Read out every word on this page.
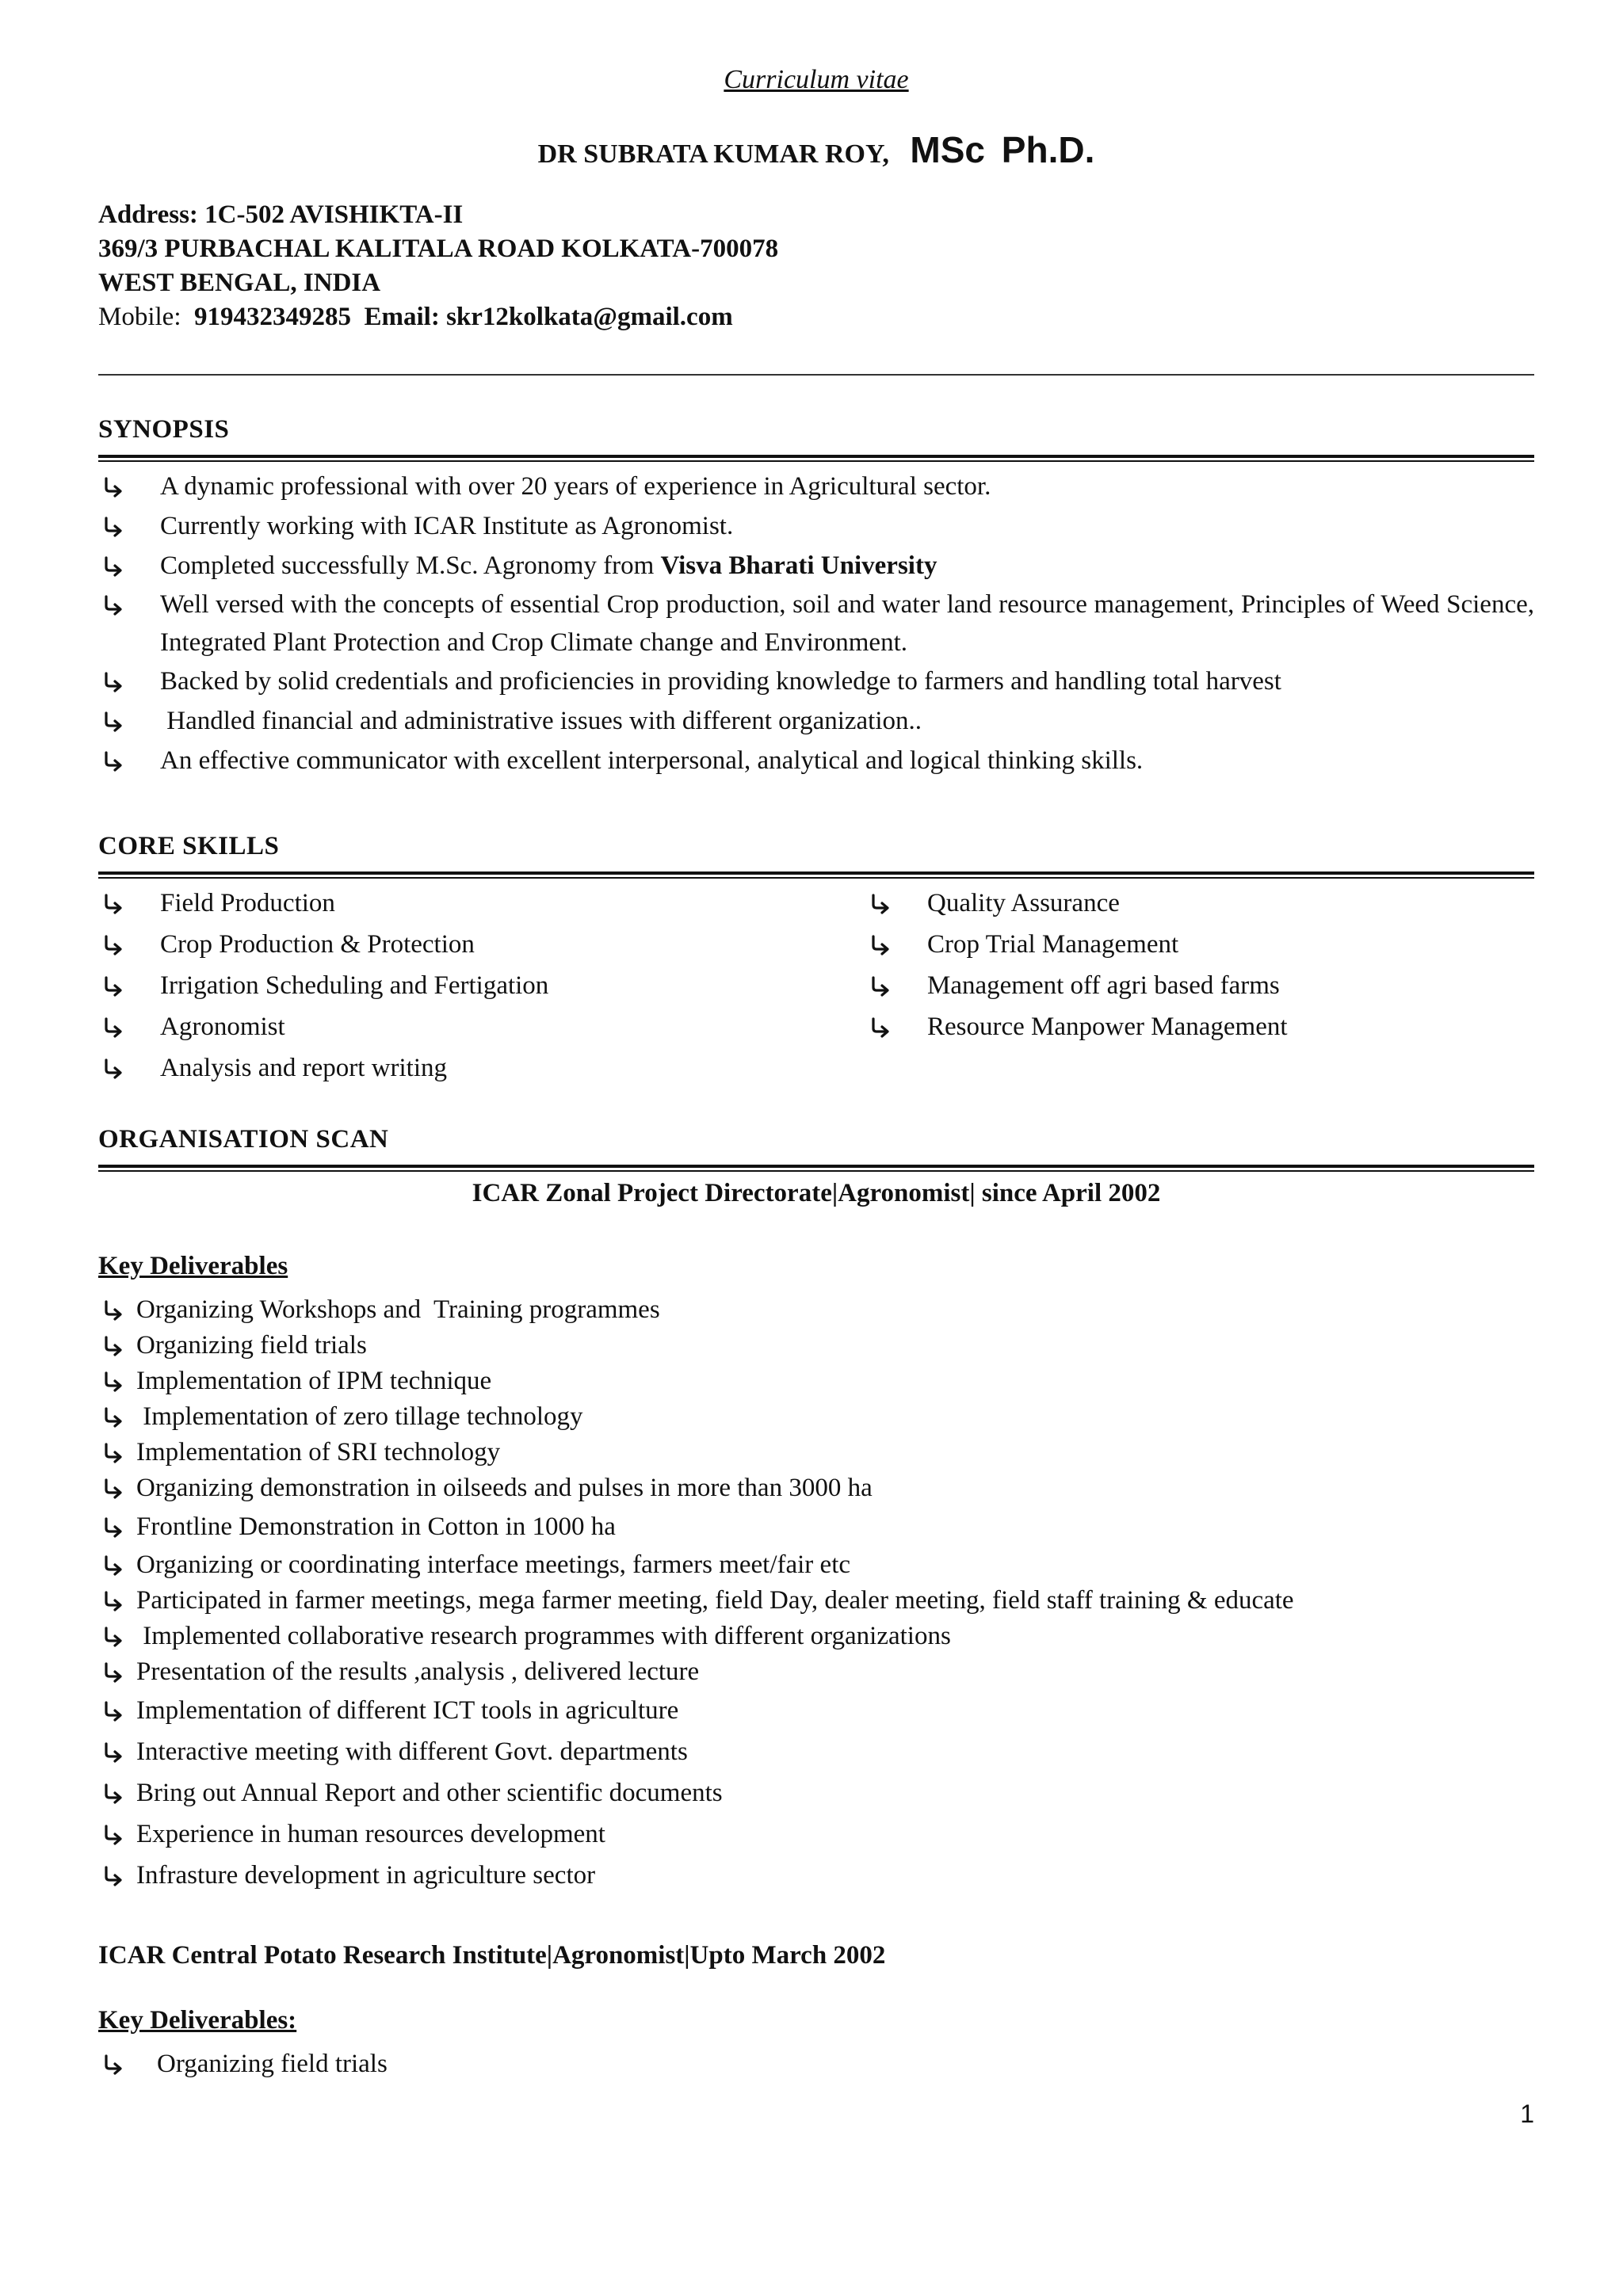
Curriculum vitae
DR SUBRATA KUMAR ROY, MSc Ph.D.
Address: 1C-502 AVISHIKTA-II
369/3 PURBACHAL KALITALA ROAD KOLKATA-700078
WEST BENGAL, INDIA
Mobile: 919432349285 Email: skr12kolkata@gmail.com
SYNOPSIS
A dynamic professional with over 20 years of experience in Agricultural sector.
Currently working with ICAR Institute as Agronomist.
Completed successfully M.Sc. Agronomy from Visva Bharati University
Well versed with the concepts of essential Crop production, soil and water land resource management, Principles of Weed Science, Integrated Plant Protection and Crop Climate change and Environment.
Backed by solid credentials and proficiencies in providing knowledge to farmers and handling total harvest
Handled financial and administrative issues with different organization..
An effective communicator with excellent interpersonal, analytical and logical thinking skills.
CORE SKILLS
Field Production
Crop Production & Protection
Irrigation Scheduling and Fertigation
Agronomist
Analysis and report writing
Quality Assurance
Crop Trial Management
Management off agri based farms
Resource Manpower Management
ORGANISATION SCAN
ICAR Zonal Project Directorate|Agronomist| since April 2002
Key Deliverables
Organizing Workshops and  Training programmes
Organizing field trials
Implementation of IPM technique
Implementation of zero tillage technology
Implementation of SRI technology
Organizing demonstration in oilseeds and pulses in more than 3000 ha
Frontline Demonstration in Cotton in 1000 ha
Organizing or coordinating interface meetings, farmers meet/fair etc
Participated in farmer meetings, mega farmer meeting, field Day, dealer meeting, field staff training & educate
Implemented collaborative research programmes with different organizations
Presentation of the results ,analysis , delivered lecture
Implementation of different ICT tools in agriculture
Interactive meeting with different Govt. departments
Bring out Annual Report and other scientific documents
Experience in human resources development
Infrasture development in agriculture sector
ICAR Central Potato Research Institute|Agronomist|Upto March 2002
Key Deliverables:
Organizing field trials
1
